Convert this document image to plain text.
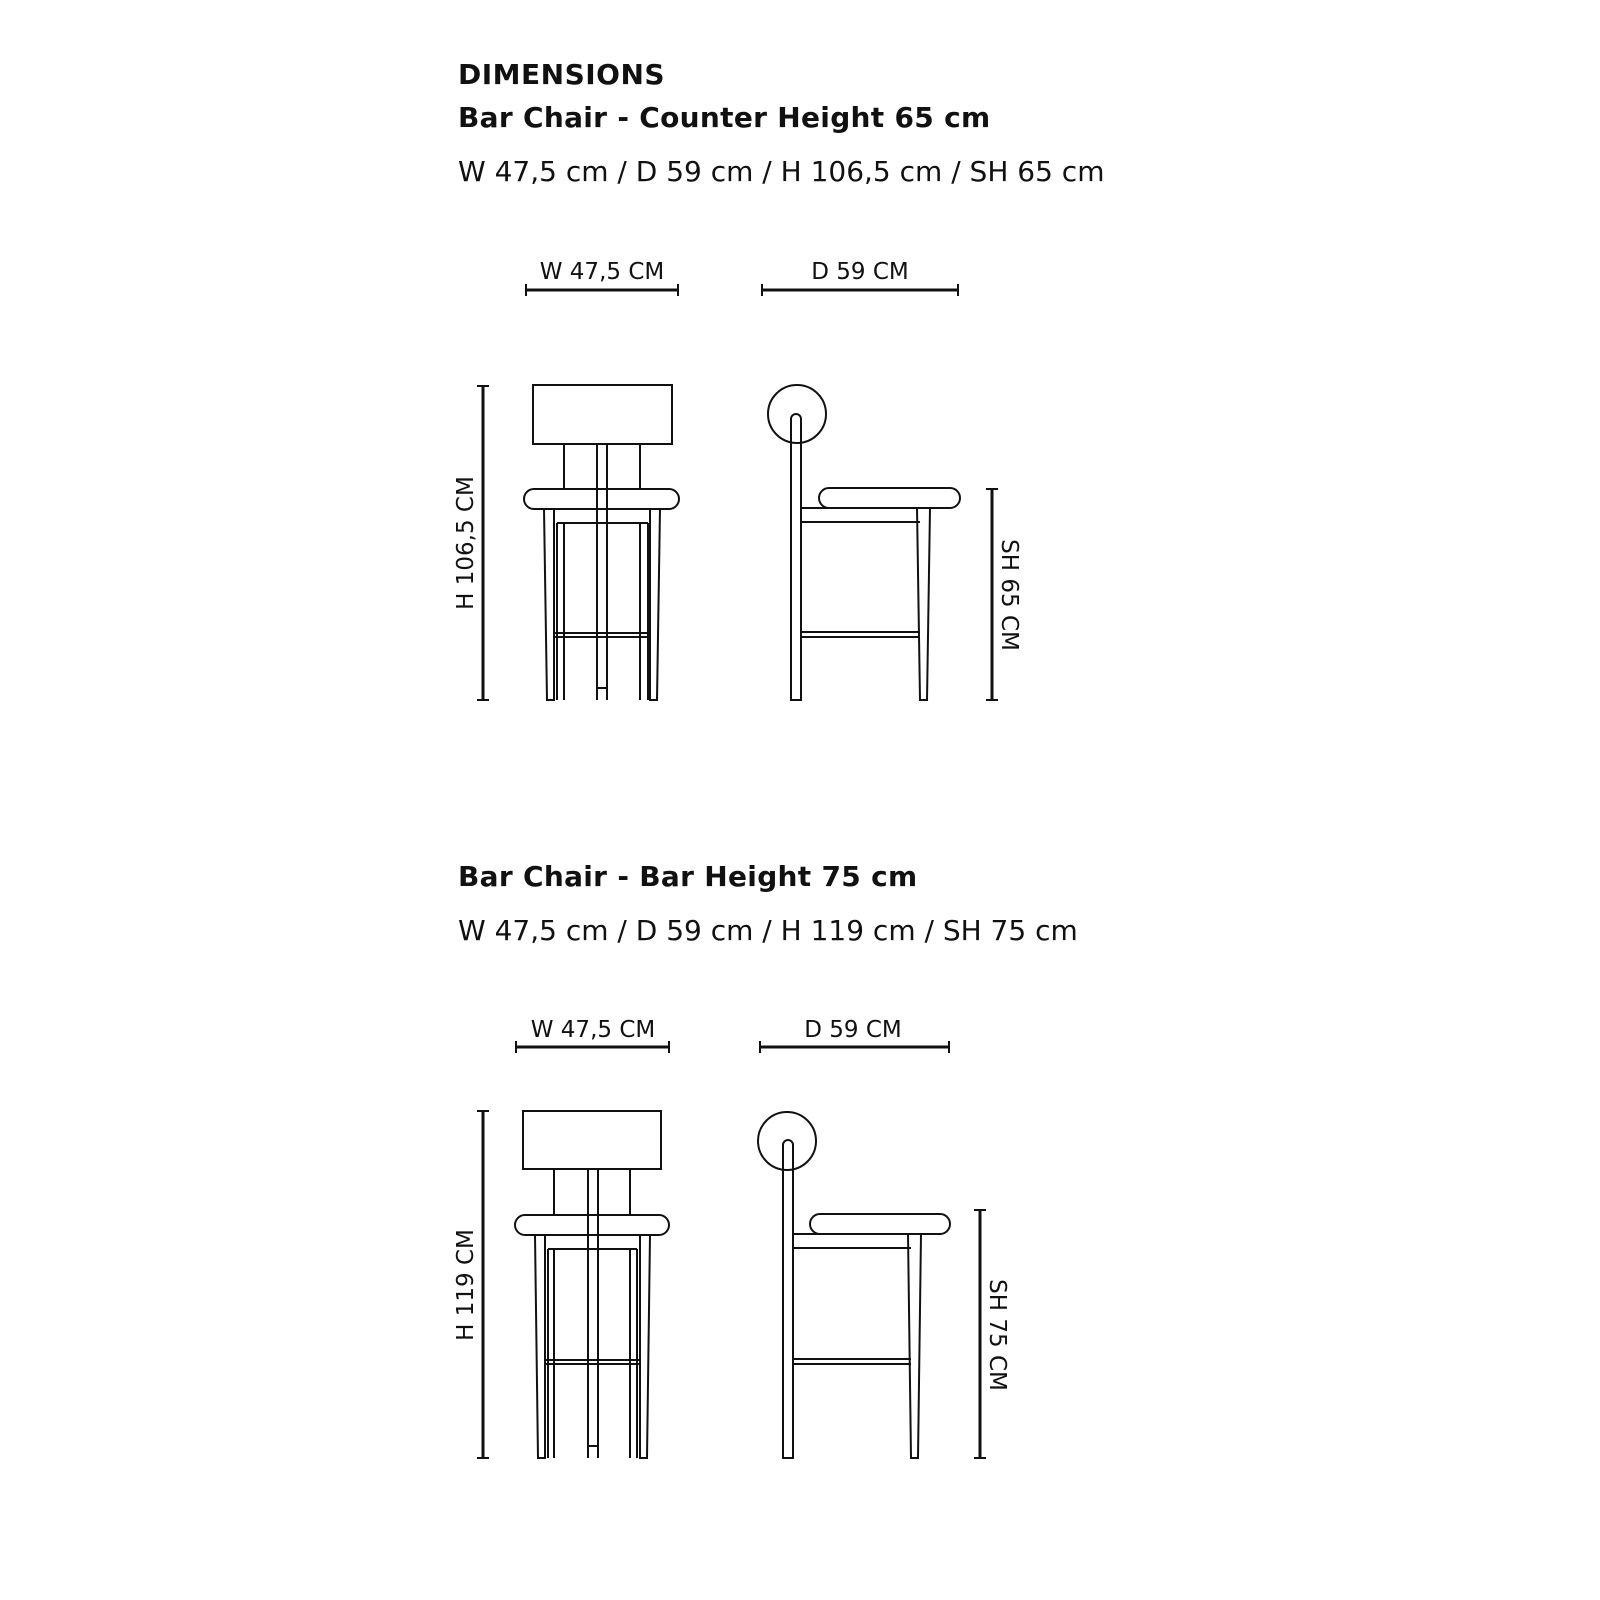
DIMENSIONS
Bar Chair - Counter Height 65 cm
W 47,5 cm / D 59 cm / H 106,5 cm / SH 65 cm
Bar Chair - Bar Height 75 cm
W 47,5 cm / D 59 cm / H 119 cm / SH 75 cm
W 47,5 CM	D 59 CM
H 106,5 CM	SH 65 CM
W 47,5 CM	D 59 CM
H 119 CM	SH 75 CM
